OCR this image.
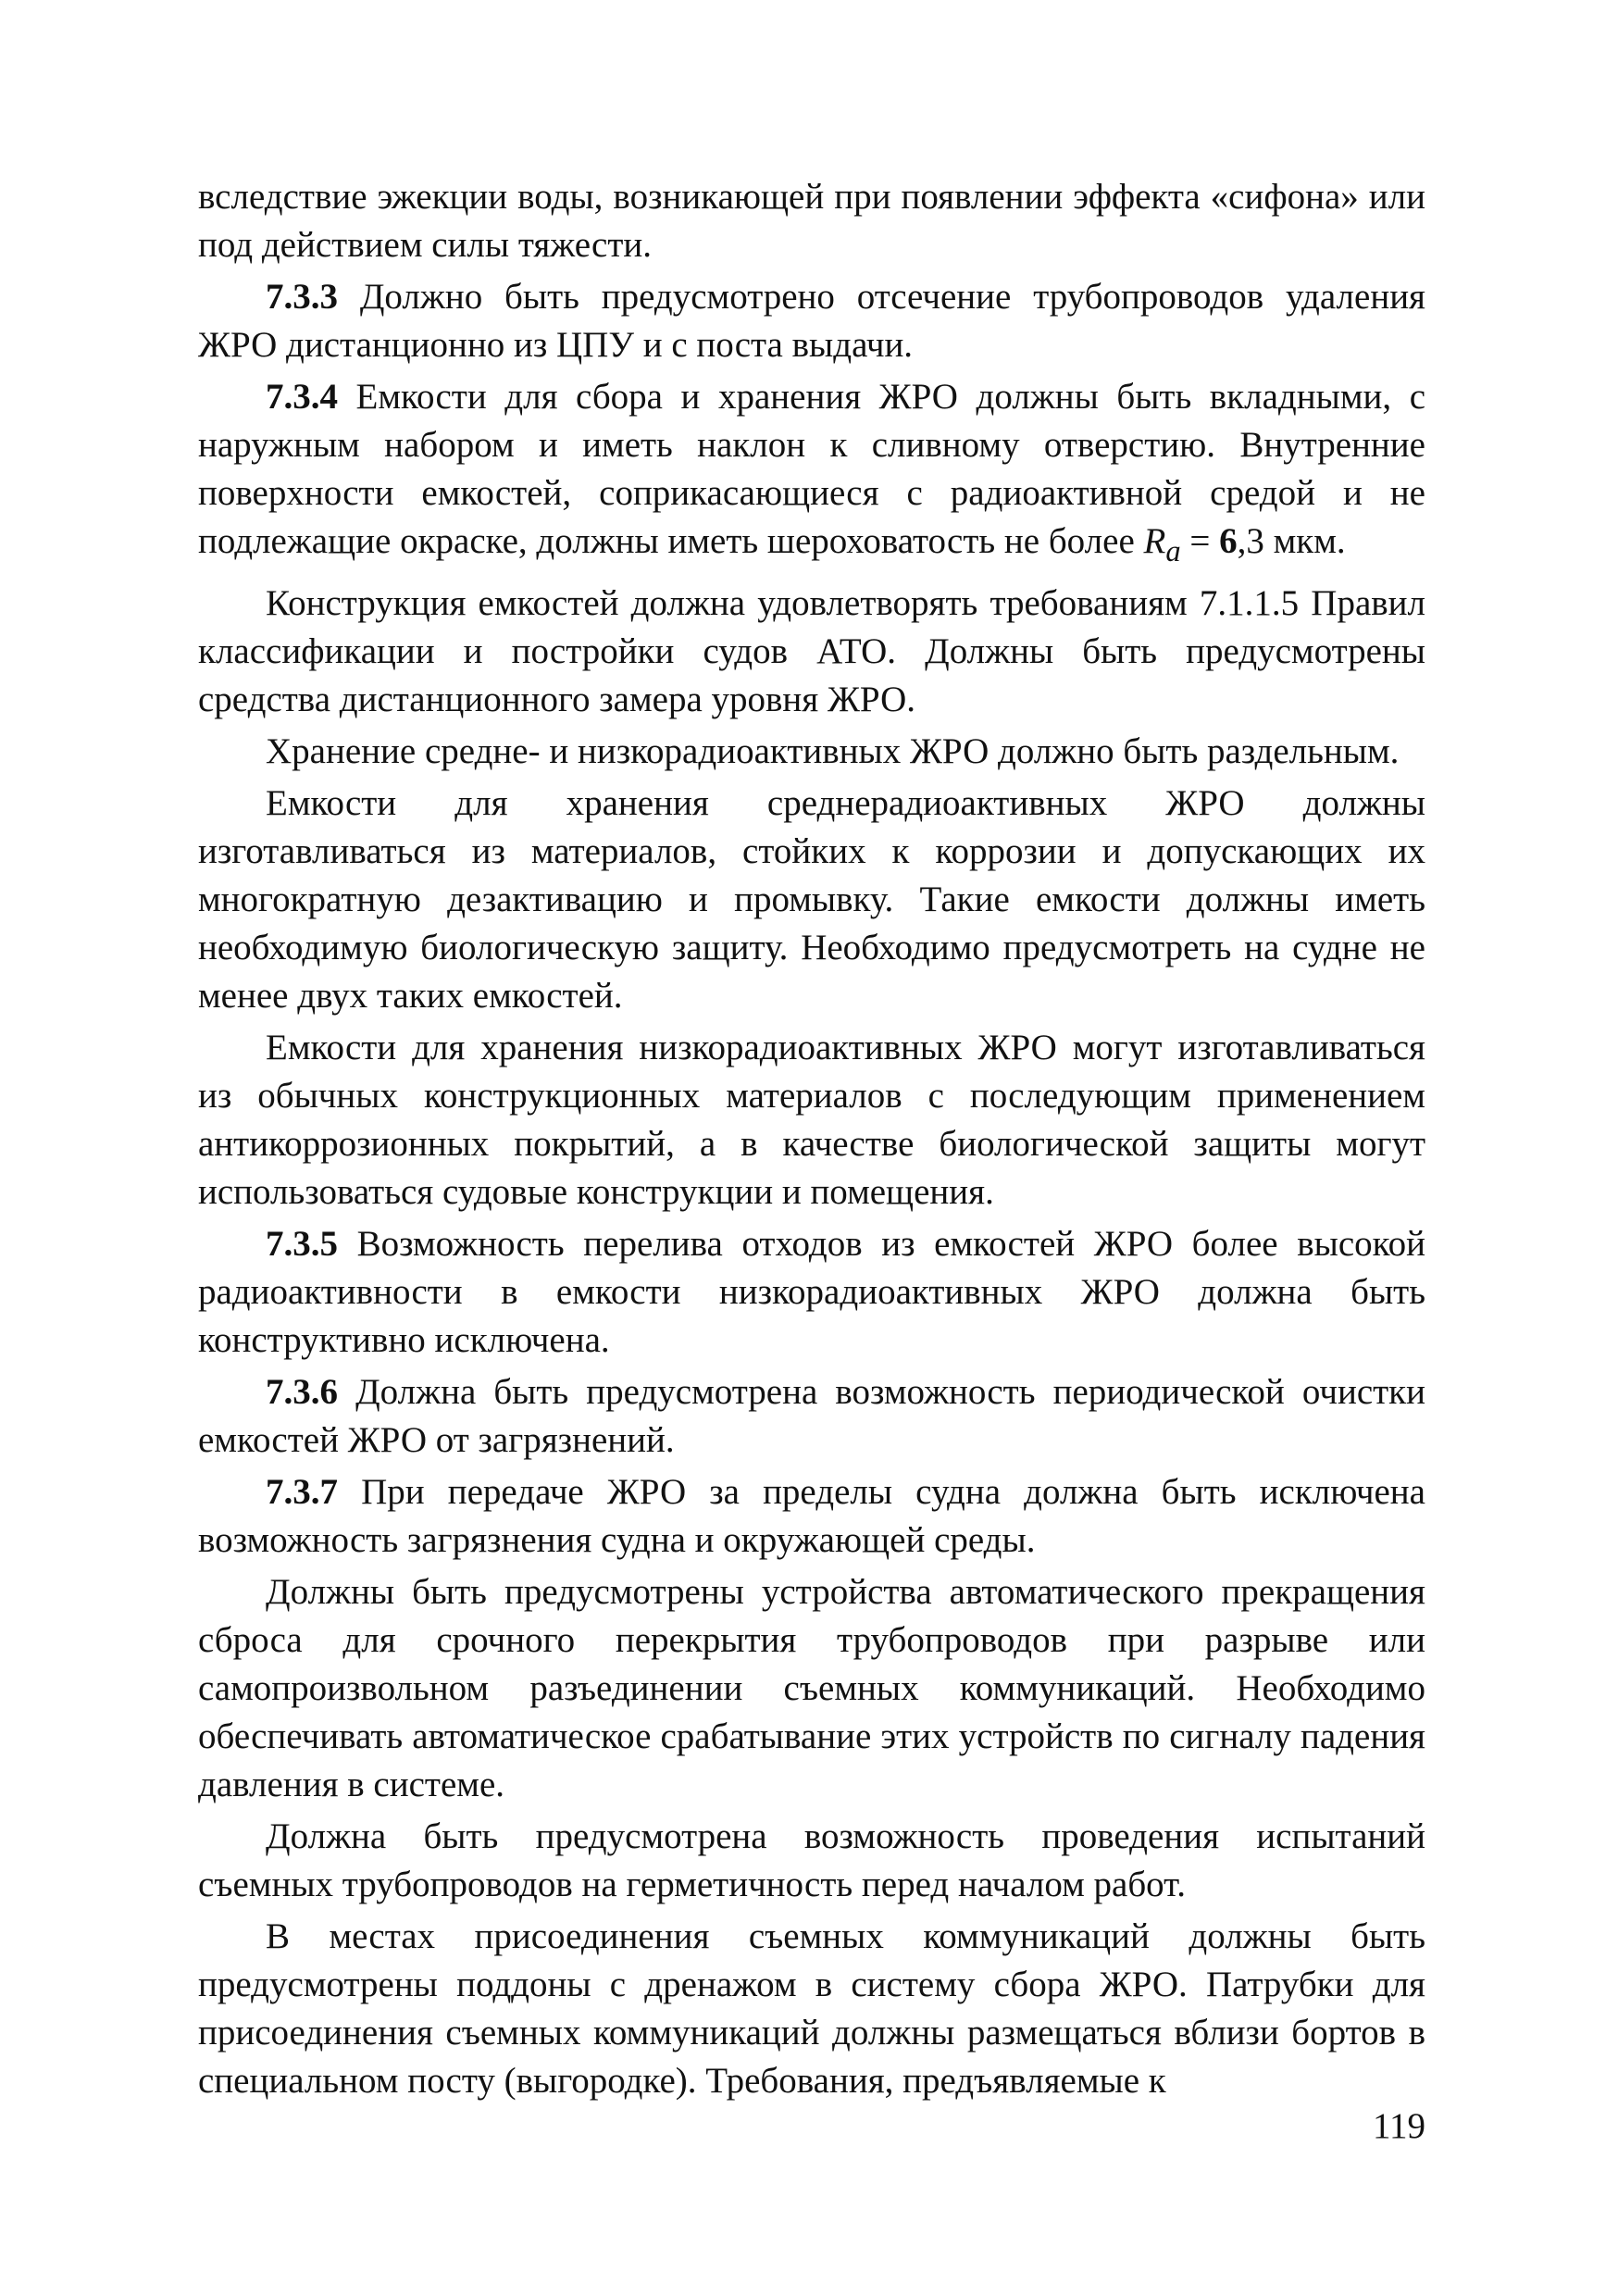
вследствие эжекции воды, возникающей при появлении эффекта «сифона» или под действием силы тяжести.

7.3.3 Должно быть предусмотрено отсечение трубопроводов удаления ЖРО дистанционно из ЦПУ и с поста выдачи.

7.3.4 Емкости для сбора и хранения ЖРО должны быть вкладными, с наружным набором и иметь наклон к сливному отверстию. Внутренние поверхности емкостей, соприкасающиеся с радиоактивной средой и не подлежащие окраске, должны иметь шероховатость не более $R_a = 6,3$ мкм.

Конструкция емкостей должна удовлетворять требованиям 7.1.1.5 Правил классификации и постройки судов АТО. Должны быть предусмотрены средства дистанционного замера уровня ЖРО.

Хранение средне- и низкорадиоактивных ЖРО должно быть раздельным.

Емкости для хранения среднерадиоактивных ЖРО должны изготавливаться из материалов, стойких к коррозии и допускающих их многократную дезактивацию и промывку. Такие емкости должны иметь необходимую биологическую защиту. Необходимо предусмотреть на судне не менее двух таких емкостей.

Емкости для хранения низкорадиоактивных ЖРО могут изготавливаться из обычных конструкционных материалов с последующим применением антикоррозионных покрытий, а в качестве биологической защиты могут использоваться судовые конструкции и помещения.

7.3.5 Возможность перелива отходов из емкостей ЖРО более высокой радиоактивности в емкости низкорадиоактивных ЖРО должна быть конструктивно исключена.

7.3.6 Должна быть предусмотрена возможность периодической очистки емкостей ЖРО от загрязнений.

7.3.7 При передаче ЖРО за пределы судна должна быть исключена возможность загрязнения судна и окружающей среды.

Должны быть предусмотрены устройства автоматического прекращения сброса для срочного перекрытия трубопроводов при разрыве или самопроизвольном разъединении съемных коммуникаций. Необходимо обеспечивать автоматическое срабатывание этих устройств по сигналу падения давления в системе.

Должна быть предусмотрена возможность проведения испытаний съемных трубопроводов на герметичность перед началом работ.

В местах присоединения съемных коммуникаций должны быть предусмотрены поддоны с дренажом в систему сбора ЖРО. Патрубки для присоединения съемных коммуникаций должны размещаться вблизи бортов в специальном посту (выгородке). Требования, предъявляемые к

119
